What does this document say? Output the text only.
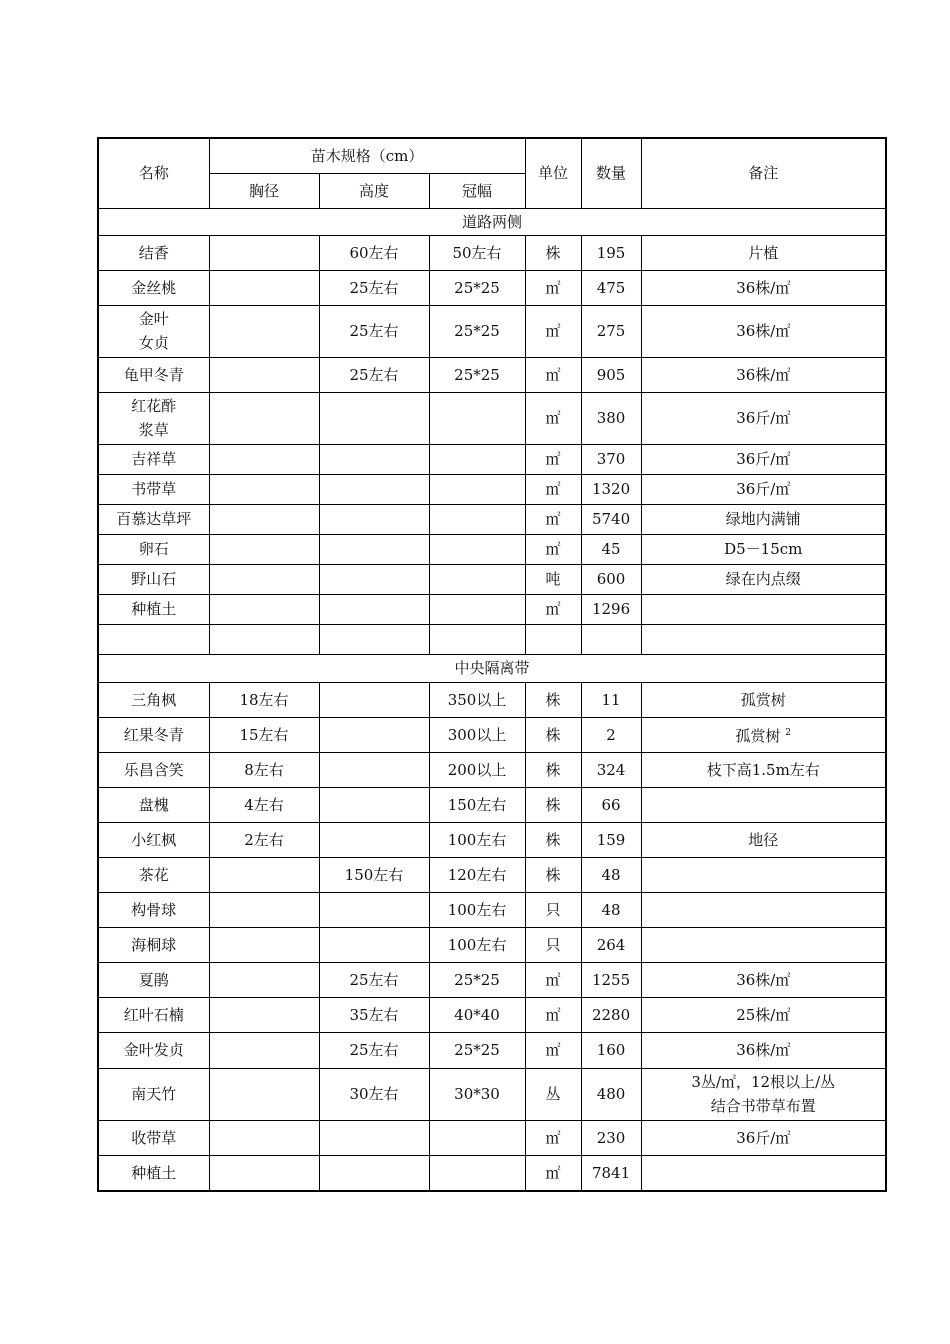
名称	苗木规格（cm）			单位	数量	备注
	胸径	高度	冠幅			
道路两侧						
结香		60左右	50左右	株	195	片植
金丝桃		25左右	25*25	㎡	475	36株/㎡
金叶
女贞		25左右	25*25	㎡	275	36株/㎡
龟甲冬青		25左右	25*25	㎡	905	36株/㎡
红花酢
浆草				㎡	380	36斤/㎡
吉祥草				㎡	370	36斤/㎡
书带草				㎡	1320	36斤/㎡
百慕达草坪				㎡	5740	绿地内满铺
卵石				㎡	45	D5－15cm
野山石				吨	600	绿在内点缀
种植土				㎡	1296	

中央隔离带						
三角枫	18左右		350以上	株	11	孤赏树
红果冬青	15左右		300以上	株	2	孤赏树 $^2$
乐昌含笑	8左右		200以上	株	324	枝下高1.5m左右
盘槐	4左右		150左右	株	66	
小红枫	2左右		100左右	株	159	地径
茶花		150左右	120左右	株	48	
构骨球			100左右	只	48	
海桐球			100左右	只	264	
夏鹃		25左右	25*25	㎡	1255	36株/㎡
红叶石楠		35左右	40*40	㎡	2280	25株/㎡
金叶发贞		25左右	25*25	㎡	160	36株/㎡
南天竹		30左右	30*30	丛	480	3丛/㎡，12根以上/丛
结合书带草布置
收带草				㎡	230	36斤/㎡
种植土				㎡	7841	
